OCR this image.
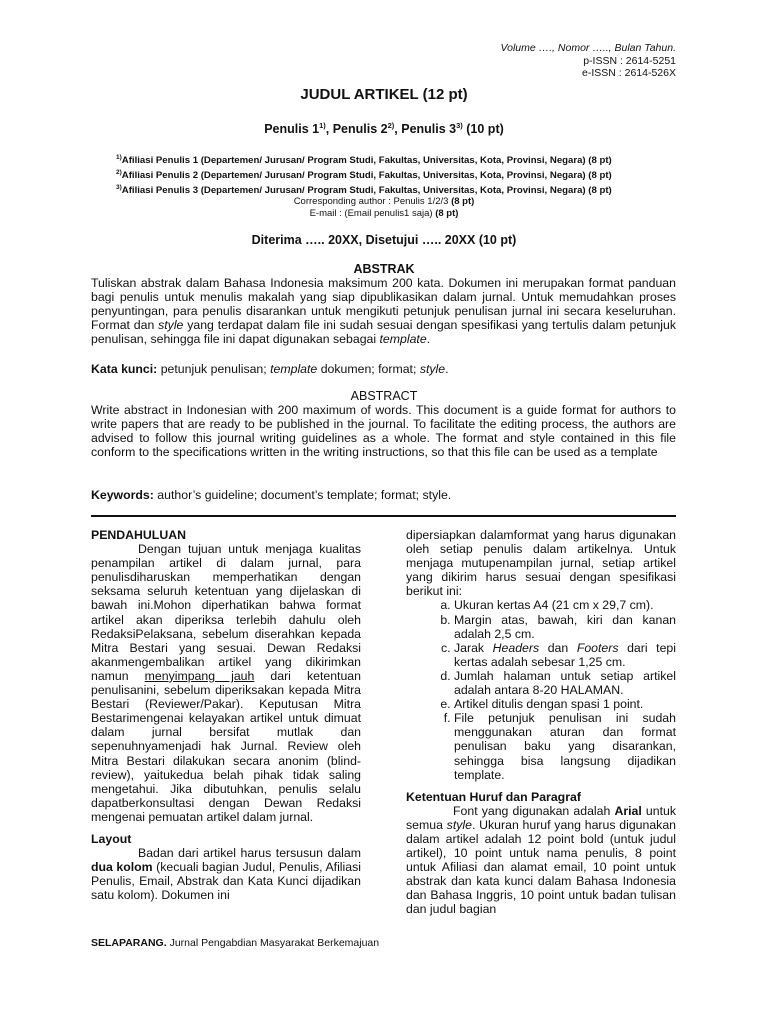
Volume …., Nomor ….., Bulan Tahun.
p-ISSN : 2614-5251
e-ISSN : 2614-526X
JUDUL ARTIKEL (12 pt)
Penulis 1$^{1)}$, Penulis 2$^{2)}$, Penulis 3$^{3)}$ (10 pt)
$^{1)}$Afiliasi Penulis 1 (Departemen/ Jurusan/ Program Studi, Fakultas, Universitas, Kota, Provinsi, Negara) (8 pt)
$^{2)}$Afiliasi Penulis 2 (Departemen/ Jurusan/ Program Studi, Fakultas, Universitas, Kota, Provinsi, Negara) (8 pt)
$^{3)}$Afiliasi Penulis 3 (Departemen/ Jurusan/ Program Studi, Fakultas, Universitas, Kota, Provinsi, Negara) (8 pt)
Corresponding author : Penulis 1/2/3 (8 pt)
E-mail : (Email penulis1 saja) (8 pt)
Diterima ….. 20XX, Disetujui ….. 20XX (10 pt)
ABSTRAK
Tuliskan abstrak dalam Bahasa Indonesia maksimum 200 kata. Dokumen ini merupakan format panduan bagi penulis untuk menulis makalah yang siap dipublikasikan dalam jurnal. Untuk memudahkan proses penyuntingan, para penulis disarankan untuk mengikuti petunjuk penulisan jurnal ini secara keseluruhan. Format dan style yang terdapat dalam file ini sudah sesuai dengan spesifikasi yang tertulis dalam petunjuk penulisan, sehingga file ini dapat digunakan sebagai template.
Kata kunci: petunjuk penulisan; template dokumen; format; style.
ABSTRACT
Write abstract in Indonesian with 200 maximum of words. This document is a guide format for authors to write papers that are ready to be published in the journal. To facilitate the editing process, the authors are advised to follow this journal writing guidelines as a whole. The format and style contained in this file conform to the specifications written in the writing instructions, so that this file can be used as a template
Keywords: author’s guideline; document’s template; format; style.

PENDAHULUAN

Dengan tujuan untuk menjaga kualitas penampilan artikel di dalam jurnal, para penulisdiharuskan memperhatikan dengan seksama seluruh ketentuan yang dijelaskan di bawah ini.Mohon diperhatikan bahwa format artikel akan diperiksa terlebih dahulu oleh RedaksiPelaksana, sebelum diserahkan kepada Mitra Bestari yang sesuai. Dewan Redaksi akanmengembalikan artikel yang dikirimkan namun menyimpang jauh dari ketentuan penulisanini, sebelum diperiksakan kepada Mitra Bestari (Reviewer/Pakar). Keputusan Mitra Bestarimengenai kelayakan artikel untuk dimuat dalam jurnal bersifat mutlak dan sepenuhnyamenjadi hak Jurnal. Review oleh Mitra Bestari dilakukan secara anonim (blind-review), yaitukedua belah pihak tidak saling mengetahui. Jika dibutuhkan, penulis selalu dapatberkonsultasi dengan Dewan Redaksi mengenai pemuatan artikel dalam jurnal.

Layout

Badan dari artikel harus tersusun dalam dua kolom (kecuali bagian Judul, Penulis, Afiliasi Penulis, Email, Abstrak dan Kata Kunci dijadikan satu kolom). Dokumen ini

dipersiapkan dalamformat yang harus digunakan oleh setiap penulis dalam artikelnya. Untuk menjaga mutupenampilan jurnal, setiap artikel yang dikirim harus sesuai dengan spesifikasi berikut ini:

a. Ukuran kertas A4 (21 cm x 29,7 cm).
b. Margin atas, bawah, kiri dan kanan adalah 2,5 cm.
c. Jarak Headers dan Footers dari tepi kertas adalah sebesar 1,25 cm.
d. Jumlah halaman untuk setiap artikel adalah antara 8-20 HALAMAN.
e. Artikel ditulis dengan spasi 1 point.
f. File petunjuk penulisan ini sudah menggunakan aturan dan format penulisan baku yang disarankan, sehingga bisa langsung dijadikan template.

Ketentuan Huruf dan Paragraf

Font yang digunakan adalah Arial untuk semua style. Ukuran huruf yang harus digunakan dalam artikel adalah 12 point bold (untuk judul artikel), 10 point untuk nama penulis, 8 point untuk Afiliasi dan alamat email, 10 point untuk abstrak dan kata kunci dalam Bahasa Indonesia dan Bahasa Inggris, 10 point untuk badan tulisan dan judul bagian

SELAPARANG. Jurnal Pengabdian Masyarakat Berkemajuan
